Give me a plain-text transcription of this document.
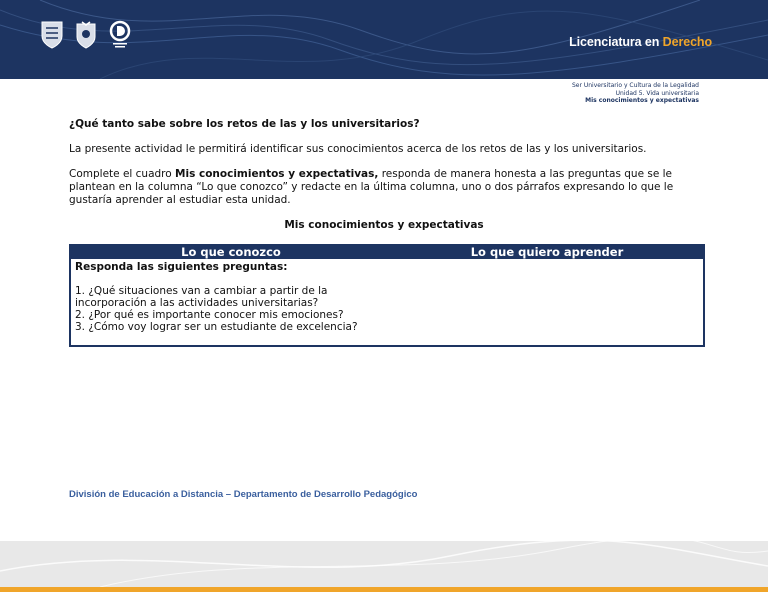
Licenciatura en Derecho
Ser Universitario y Cultura de la Legalidad
Unidad 5. Vida universitaria
Mis conocimientos y expectativas

¿Qué tanto sabe sobre los retos de las y los universitarios?

La presente actividad le permitirá identificar sus conocimientos acerca de los retos de las y los universitarios.

Complete el cuadro Mis conocimientos y expectativas, responda de manera honesta a las preguntas que se le plantean en la columna “Lo que conozco” y redacte en la última columna, uno o dos párrafos expresando lo que le gustaría aprender al estudiar esta unidad.

Mis conocimientos y expectativas

Lo que conozco	Lo que quiero aprender
Responda las siguientes preguntas:
1. ¿Qué situaciones van a cambiar a partir de la
incorporación a las actividades universitarias?
2. ¿Por qué es importante conocer mis emociones?
3. ¿Cómo voy lograr ser un estudiante de excelencia?
División de Educación a Distancia – Departamento de Desarrollo Pedagógico
